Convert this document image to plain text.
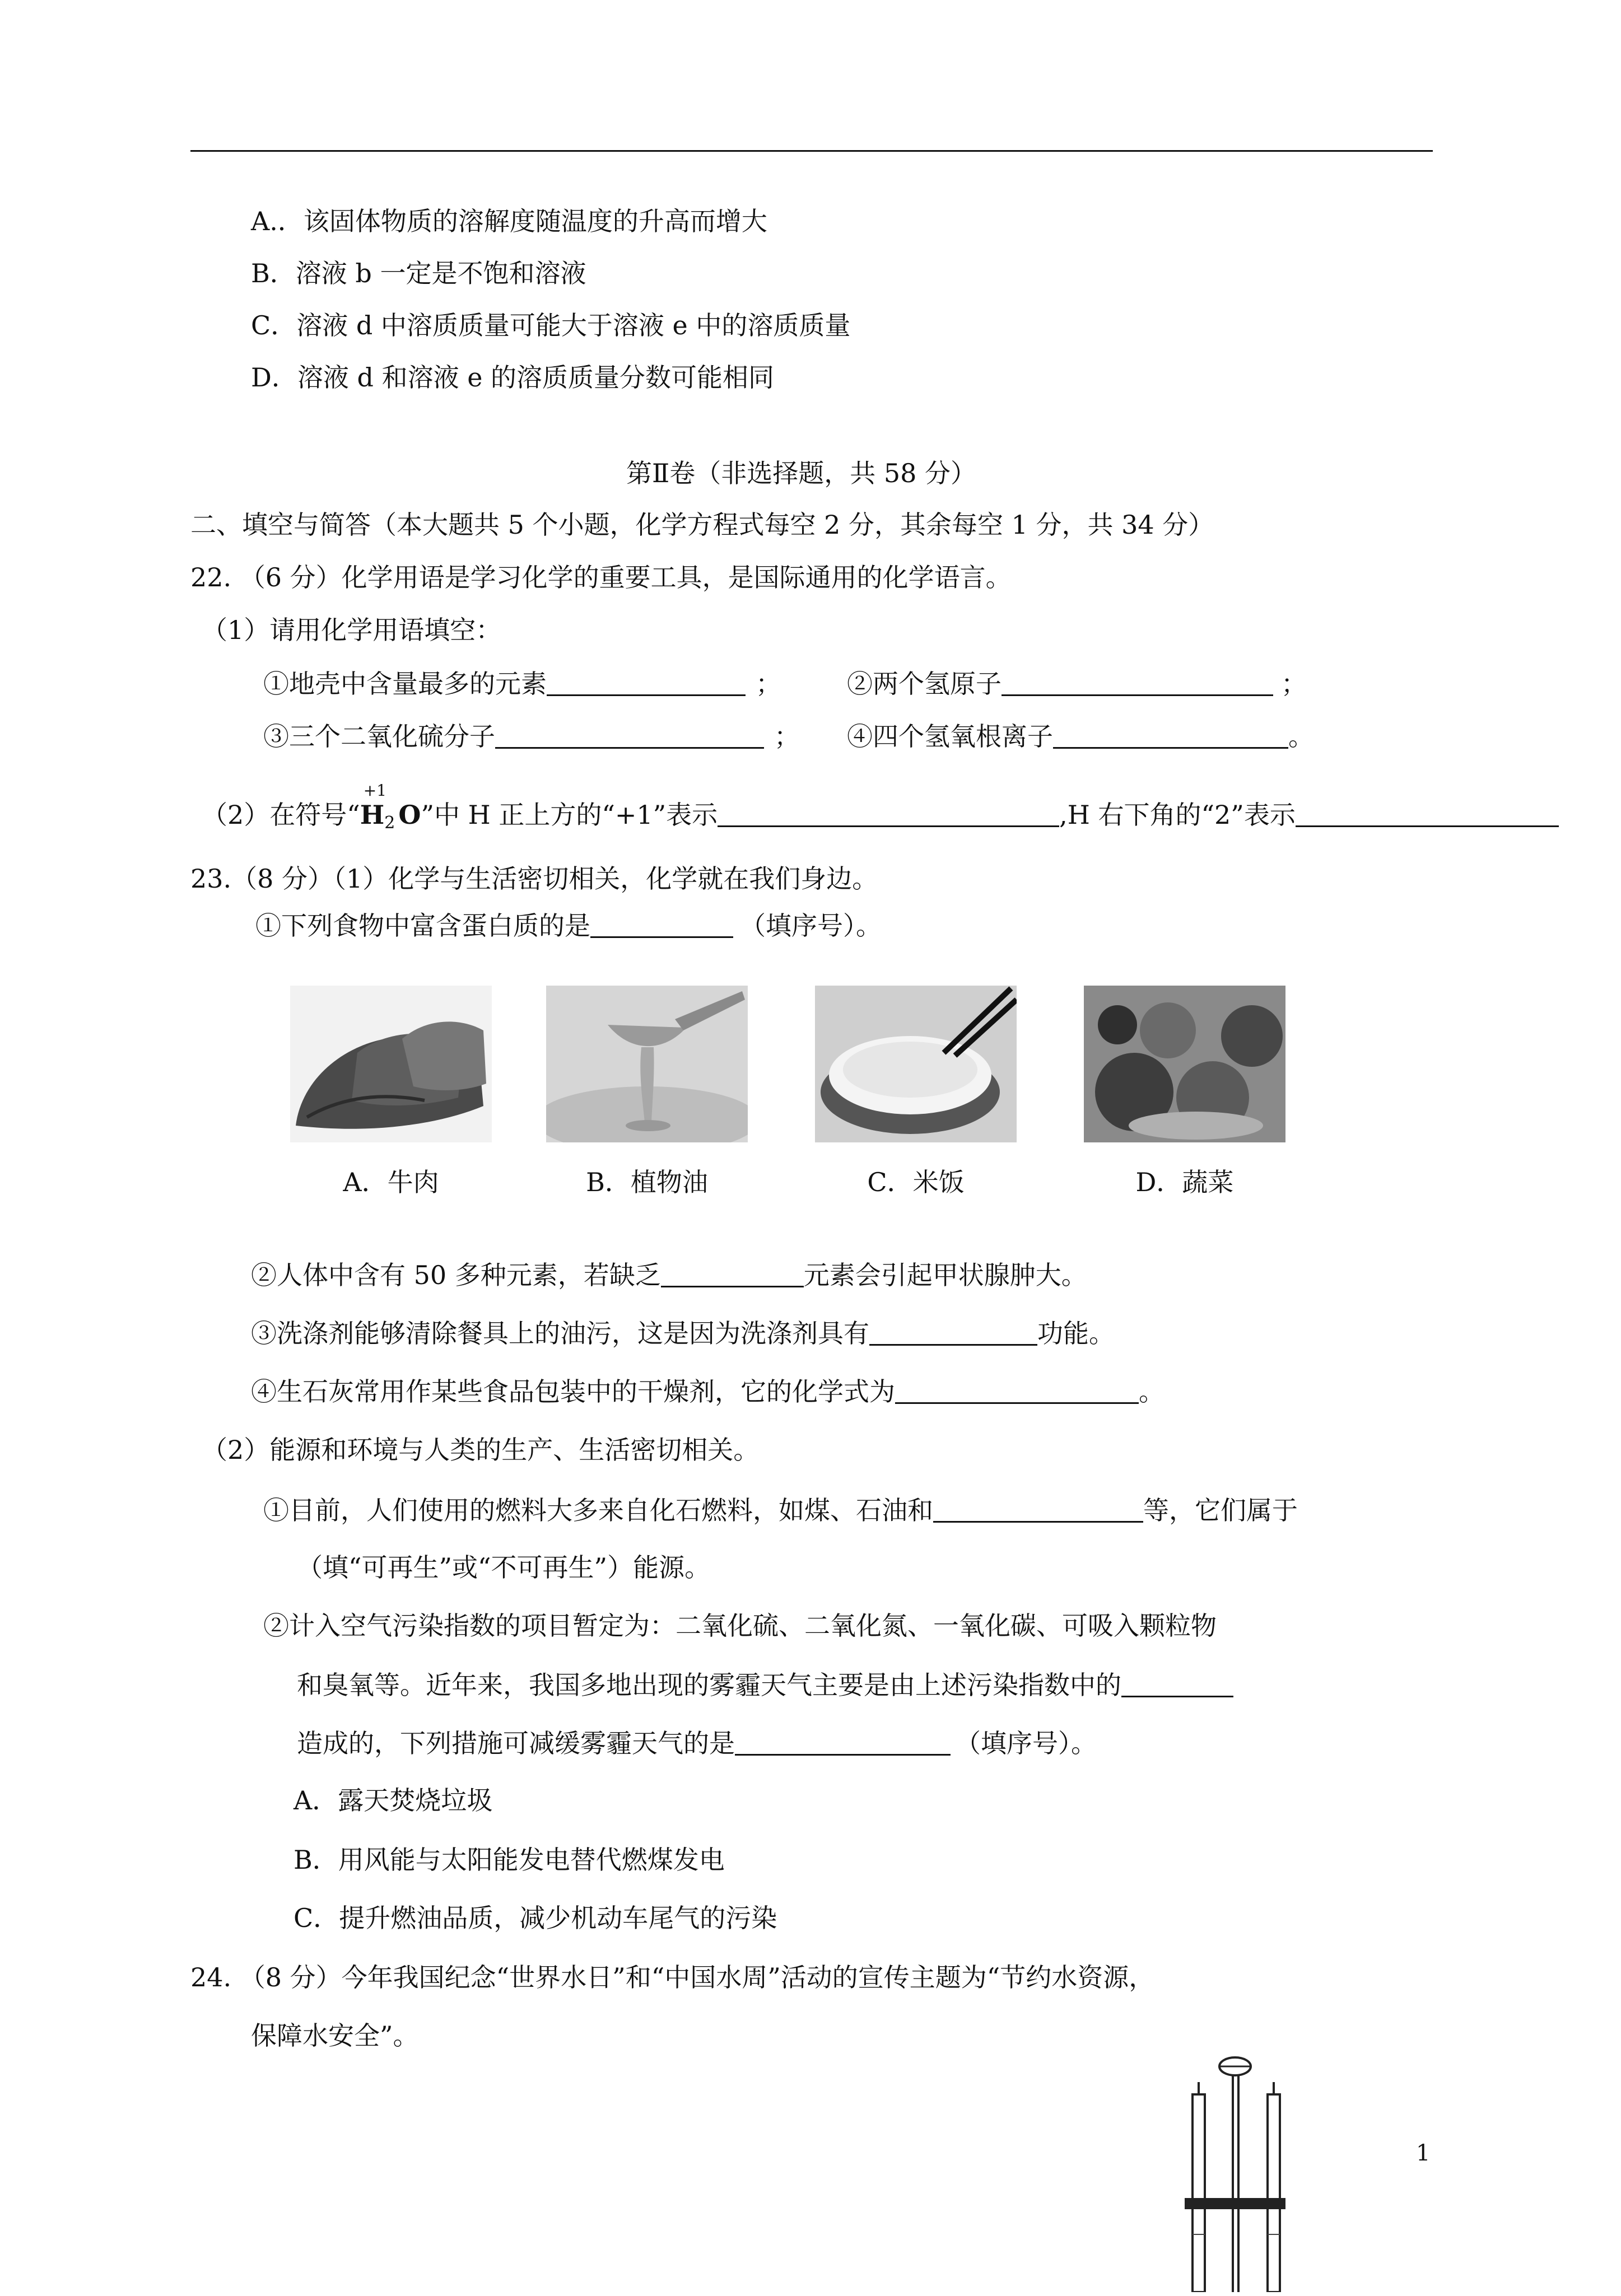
A.．该固体物质的溶解度随温度的升高而增大
B．溶液 b 一定是不饱和溶液
C．溶液 d 中溶质质量可能大于溶液 e 中的溶质质量
D．溶液 d 和溶液 e 的溶质质量分数可能相同
第Ⅱ卷（非选择题，共 58 分）
二、填空与简答（本大题共 5 个小题，化学方程式每空 2 分，其余每空 1 分，共 34 分）
22. （6 分）化学用语是学习化学的重要工具，是国际通用的化学语言。
（1）请用化学用语填空：
①地壳中含量最多的元素	；	②两个氢原子	；
③三个二氧化硫分子	； ④四个氢氧根离子	。
（2）在符号“
+1
$H_2$ O”中 H 正上方的“+1”表示	,H 右下角的“2”表示
23.（8 分）（1）化学与生活密切相关，化学就在我们身边。
①下列食物中富含蛋白质的是	（填序号）。
A．牛肉	B．植物油	C．米饭	D．蔬菜
②人体中含有 50 多种元素，若缺乏	元素会引起甲状腺肿大。
③洗涤剂能够清除餐具上的油污，这是因为洗涤剂具有	功能。
④生石灰常用作某些食品包装中的干燥剂，它的化学式为	。
（2）能源和环境与人类的生产、生活密切相关。
①目前，人们使用的燃料大多来自化石燃料，如煤、石油和	等，它们属于
（填“可再生”或“不可再生”）能源。
②计入空气污染指数的项目暂定为：二氧化硫、二氧化氮、一氧化碳、可吸入颗粒物
和臭氧等。近年来，我国多地出现的雾霾天气主要是由上述污染指数中的
造成的，下列措施可减缓雾霾天气的是	（填序号）。
A．露天焚烧垃圾
B．用风能与太阳能发电替代燃煤发电
C．提升燃油品质，减少机动车尾气的污染
24. （8 分）今年我国纪念“世界水日”和“中国水周”活动的宣传主题为“节约水资源，
保障水安全”。
1
